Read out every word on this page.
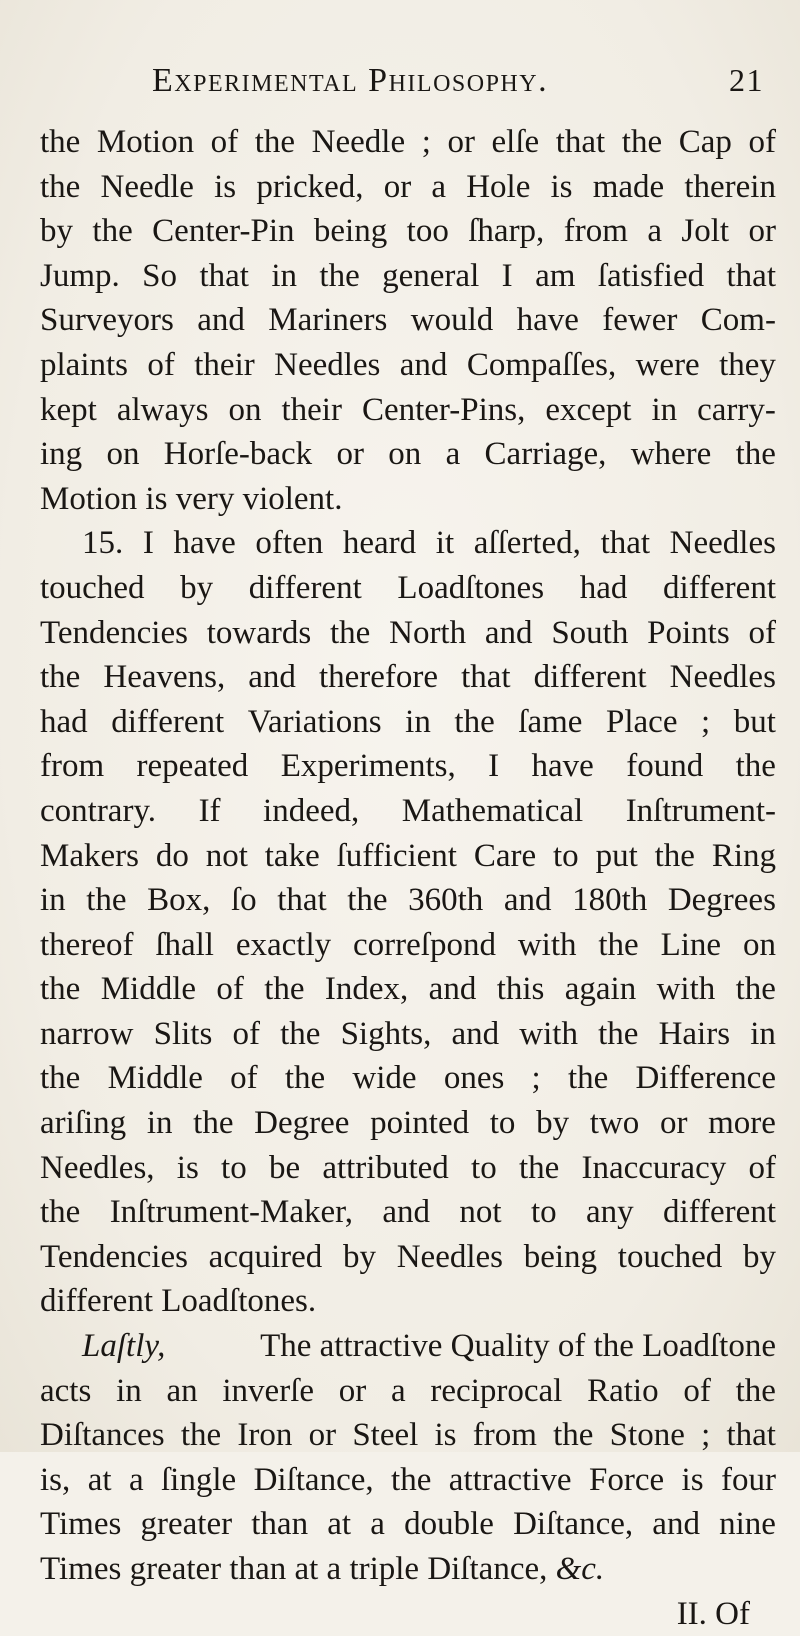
Experimental Philosophy.	21
the Motion of the Needle ; or elſe that the Cap of
the Needle is pricked, or a Hole is made therein
by the Center-Pin being too ſharp, from a Jolt or
Jump. So that in the general I am ſatisfied that
Surveyors and Mariners would have fewer Com-
plaints of their Needles and Compaſſes, were they
kept always on their Center-Pins, except in carry-
ing on Horſe-back or on a Carriage, where the
Motion is very violent.
15. I have often heard it aſſerted, that Needles
touched by different Loadſtones had different
Tendencies towards the North and South Points of
the Heavens, and therefore that different Needles
had different Variations in the ſame Place ; but
from repeated Experiments, I have found the
contrary. If indeed, Mathematical Inſtrument-
Makers do not take ſufficient Care to put the Ring
in the Box, ſo that the 360th and 180th Degrees
thereof ſhall exactly correſpond with the Line on
the Middle of the Index, and this again with the
narrow Slits of the Sights, and with the Hairs in
the Middle of the wide ones ; the Difference
ariſing in the Degree pointed to by two or more
Needles, is to be attributed to the Inaccuracy of
the Inſtrument-Maker, and not to any different
Tendencies acquired by Needles being touched by
different Loadſtones.
Laſtly,	The attractive Quality of the Loadſtone
acts in an inverſe or a reciprocal Ratio of the
Diſtances the Iron or Steel is from the Stone ; that
is, at a ſingle Diſtance, the attractive Force is four
Times greater than at a double Diſtance, and nine
Times greater than at a triple Diſtance, &c.
II. Of
